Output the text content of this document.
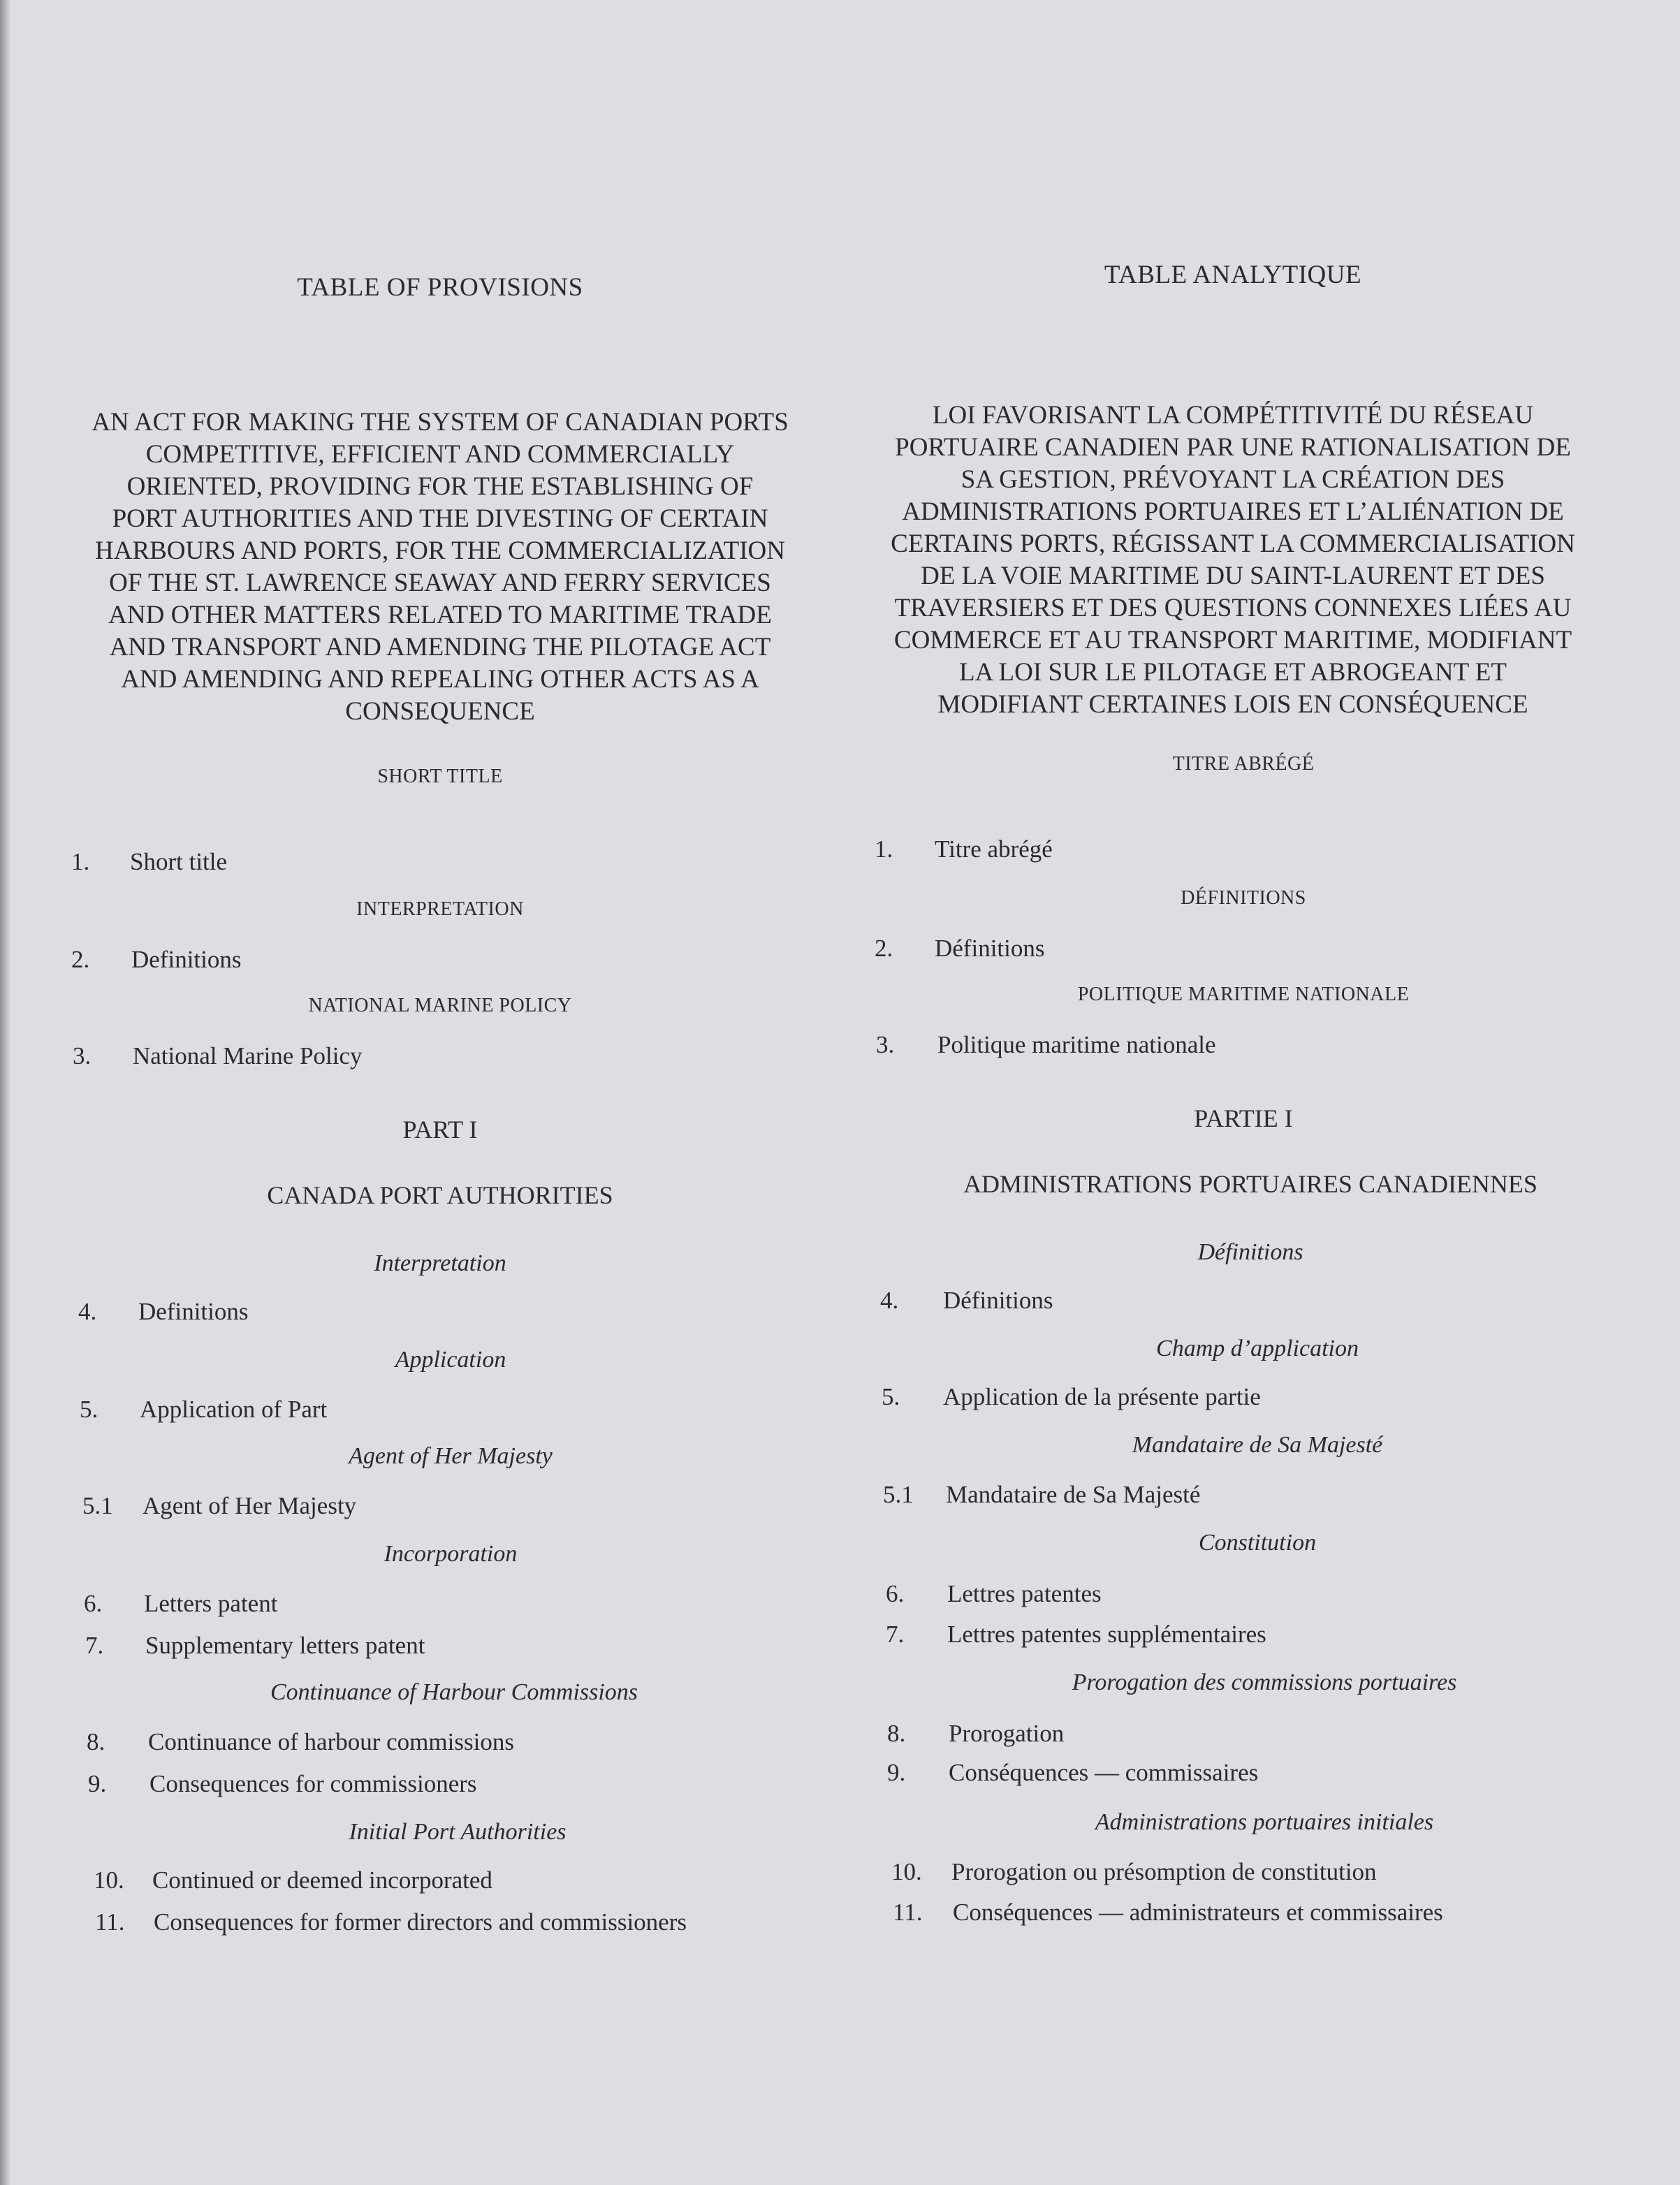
TABLE OF PROVISIONS
AN ACT FOR MAKING THE SYSTEM OF CANADIAN PORTS
COMPETITIVE, EFFICIENT AND COMMERCIALLY
ORIENTED, PROVIDING FOR THE ESTABLISHING OF
PORT AUTHORITIES AND THE DIVESTING OF CERTAIN
HARBOURS AND PORTS, FOR THE COMMERCIALIZATION
OF THE ST. LAWRENCE SEAWAY AND FERRY SERVICES
AND OTHER MATTERS RELATED TO MARITIME TRADE
AND TRANSPORT AND AMENDING THE PILOTAGE ACT
AND AMENDING AND REPEALING OTHER ACTS AS A
CONSEQUENCE
SHORT TITLE
1. Short title
INTERPRETATION
2. Definitions
NATIONAL MARINE POLICY
3. National Marine Policy
PART I
CANADA PORT AUTHORITIES
Interpretation
4. Definitions
Application
5. Application of Part
Agent of Her Majesty
5.1 Agent of Her Majesty
Incorporation
6. Letters patent
7. Supplementary letters patent
Continuance of Harbour Commissions
8. Continuance of harbour commissions
9. Consequences for commissioners
Initial Port Authorities
10. Continued or deemed incorporated
11. Consequences for former directors and commissioners
TABLE ANALYTIQUE
LOI FAVORISANT LA COMPÉTITIVITÉ DU RÉSEAU
PORTUAIRE CANADIEN PAR UNE RATIONALISATION DE
SA GESTION, PRÉVOYANT LA CRÉATION DES
ADMINISTRATIONS PORTUAIRES ET L’ALIÉNATION DE
CERTAINS PORTS, RÉGISSANT LA COMMERCIALISATION
DE LA VOIE MARITIME DU SAINT-LAURENT ET DES
TRAVERSIERS ET DES QUESTIONS CONNEXES LIÉES AU
COMMERCE ET AU TRANSPORT MARITIME, MODIFIANT
LA LOI SUR LE PILOTAGE ET ABROGEANT ET
MODIFIANT CERTAINES LOIS EN CONSÉQUENCE
TITRE ABRÉGÉ
1. Titre abrégé
DÉFINITIONS
2. Définitions
POLITIQUE MARITIME NATIONALE
3. Politique maritime nationale
PARTIE I
ADMINISTRATIONS PORTUAIRES CANADIENNES
Définitions
4. Définitions
Champ d’application
5. Application de la présente partie
Mandataire de Sa Majesté
5.1 Mandataire de Sa Majesté
Constitution
6. Lettres patentes
7. Lettres patentes supplémentaires
Prorogation des commissions portuaires
8. Prorogation
9. Conséquences — commissaires
Administrations portuaires initiales
10. Prorogation ou présomption de constitution
11. Conséquences — administrateurs et commissaires
